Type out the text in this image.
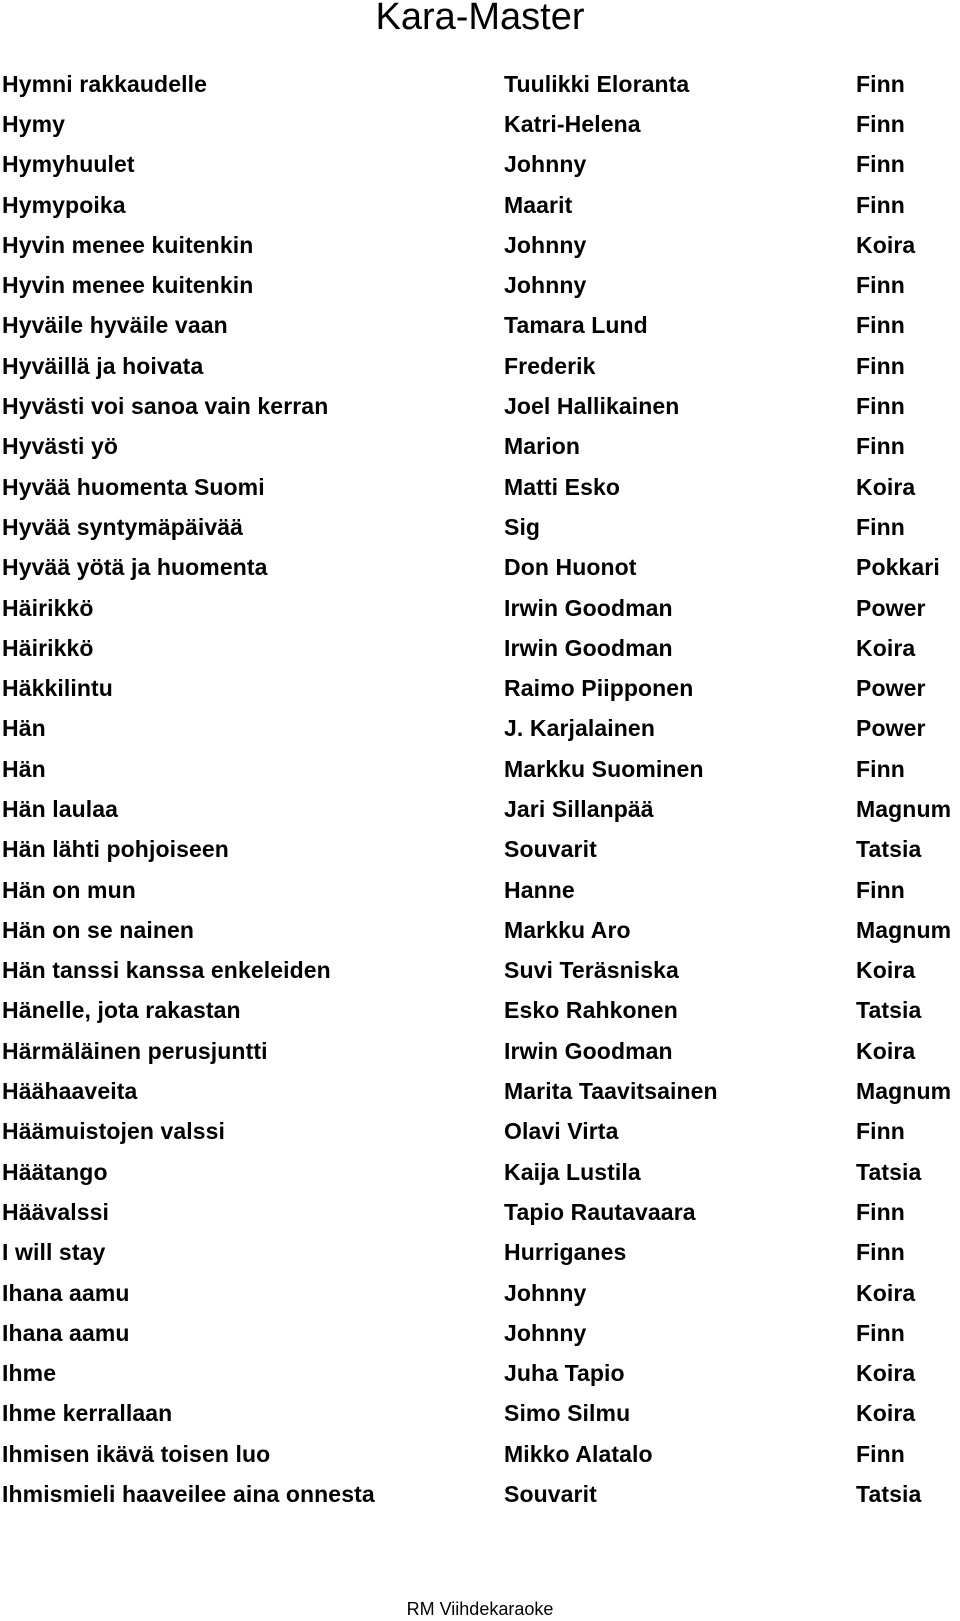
Kara-Master
Hymni rakkaudelle	Tuulikki Eloranta	Finn
Hymy	Katri-Helena	Finn
Hymyhuulet	Johnny	Finn
Hymypoika	Maarit	Finn
Hyvin menee kuitenkin	Johnny	Koira
Hyvin menee kuitenkin	Johnny	Finn
Hyväile hyväile vaan	Tamara Lund	Finn
Hyväillä ja hoivata	Frederik	Finn
Hyvästi voi sanoa vain kerran	Joel Hallikainen	Finn
Hyvästi yö	Marion	Finn
Hyvää huomenta Suomi	Matti Esko	Koira
Hyvää syntymäpäivää	Sig	Finn
Hyvää yötä ja huomenta	Don Huonot	Pokkari
Häirikkö	Irwin Goodman	Power
Häirikkö	Irwin Goodman	Koira
Häkkilintu	Raimo Piipponen	Power
Hän	J. Karjalainen	Power
Hän	Markku Suominen	Finn
Hän laulaa	Jari Sillanpää	Magnum
Hän lähti pohjoiseen	Souvarit	Tatsia
Hän on mun	Hanne	Finn
Hän on se nainen	Markku Aro	Magnum
Hän tanssi kanssa enkeleiden	Suvi Teräsniska	Koira
Hänelle, jota rakastan	Esko Rahkonen	Tatsia
Härmäläinen perusjuntti	Irwin Goodman	Koira
Häähaaveita	Marita Taavitsainen	Magnum
Häämuistojen valssi	Olavi Virta	Finn
Häätango	Kaija Lustila	Tatsia
Häävalssi	Tapio Rautavaara	Finn
I will stay	Hurriganes	Finn
Ihana aamu	Johnny	Koira
Ihana aamu	Johnny	Finn
Ihme	Juha Tapio	Koira
Ihme kerrallaan	Simo Silmu	Koira
Ihmisen ikävä toisen luo	Mikko Alatalo	Finn
Ihmismieli haaveilee aina onnesta	Souvarit	Tatsia
RM Viihdekaraoke
